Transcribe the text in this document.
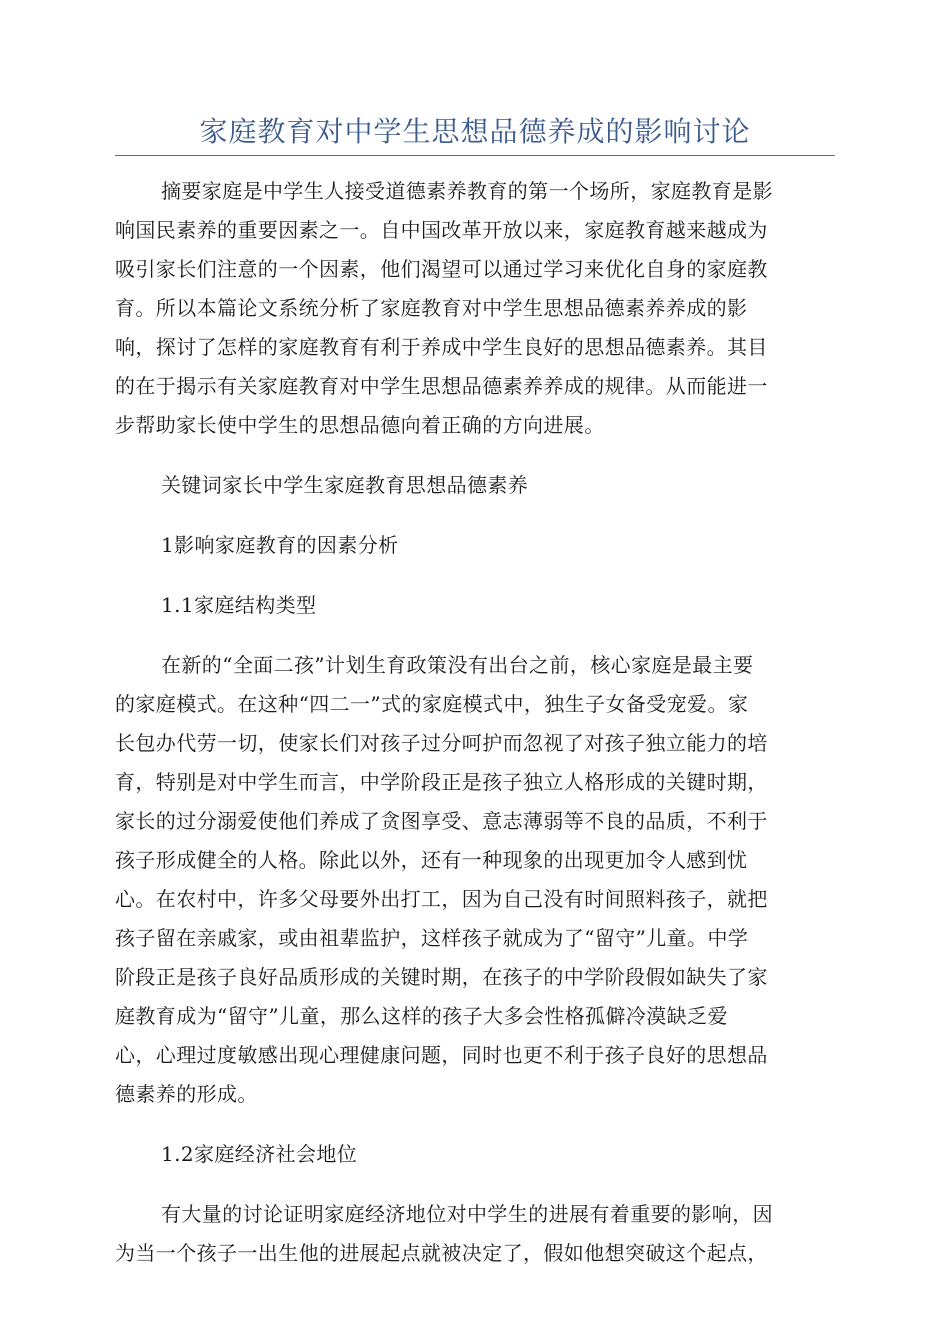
家庭教育对中学生思想品德养成的影响讨论
摘要家庭是中学生人接受道德素养教育的第一个场所，家庭教育是影
响国民素养的重要因素之一。自中国改革开放以来，家庭教育越来越成为
吸引家长们注意的一个因素，他们渴望可以通过学习来优化自身的家庭教
育。所以本篇论文系统分析了家庭教育对中学生思想品德素养养成的影
响，探讨了怎样的家庭教育有利于养成中学生良好的思想品德素养。其目
的在于揭示有关家庭教育对中学生思想品德素养养成的规律。从而能进一
步帮助家长使中学生的思想品德向着正确的方向进展。
关键词家长中学生家庭教育思想品德素养
1影响家庭教育的因素分析
1.1家庭结构类型
在新的“全面二孩”计划生育政策没有出台之前，核心家庭是最主要
的家庭模式。在这种“四二一”式的家庭模式中，独生子女备受宠爱。家
长包办代劳一切，使家长们对孩子过分呵护而忽视了对孩子独立能力的培
育，特别是对中学生而言，中学阶段正是孩子独立人格形成的关键时期，
家长的过分溺爱使他们养成了贪图享受、意志薄弱等不良的品质，不利于
孩子形成健全的人格。除此以外，还有一种现象的出现更加令人感到忧
心。在农村中，许多父母要外出打工，因为自己没有时间照料孩子，就把
孩子留在亲戚家，或由祖辈监护，这样孩子就成为了“留守”儿童。中学
阶段正是孩子良好品质形成的关键时期，在孩子的中学阶段假如缺失了家
庭教育成为“留守”儿童，那么这样的孩子大多会性格孤僻冷漠缺乏爱
心，心理过度敏感出现心理健康问题，同时也更不利于孩子良好的思想品
德素养的形成。
1.2家庭经济社会地位
有大量的讨论证明家庭经济地位对中学生的进展有着重要的影响，因
为当一个孩子一出生他的进展起点就被决定了，假如他想突破这个起点，
